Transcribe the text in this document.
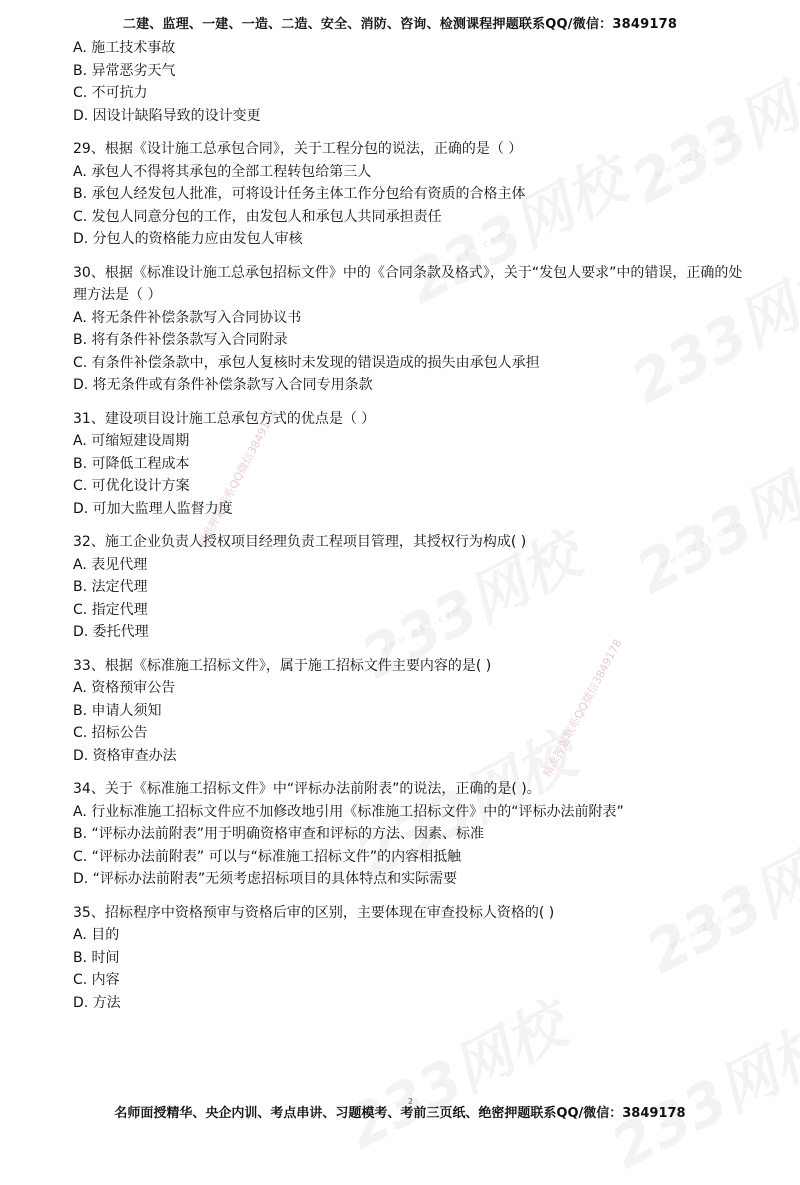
精准押题联系QQ微信3849178
精准押题联系QQ微信3849178
二建、监理、一建、一造、二造、安全、消防、咨询、检测课程押题联系QQ/微信：3849178
A. 施工技术事故
B. 异常恶劣天气
C. 不可抗力
D. 因设计缺陷导致的设计变更
29、根据《设计施工总承包合同》，关于工程分包的说法，正确的是（ ）
A. 承包人不得将其承包的全部工程转包给第三人
B. 承包人经发包人批准，可将设计任务主体工作分包给有资质的合格主体
C. 发包人同意分包的工作，由发包人和承包人共同承担责任
D. 分包人的资格能力应由发包人审核
30、根据《标准设计施工总承包招标文件》中的《合同条款及格式》，关于“发包人要求”中的错误，正确的处理方法是（ ）
A. 将无条件补偿条款写入合同协议书
B. 将有条件补偿条款写入合同附录
C. 有条件补偿条款中，承包人复核时未发现的错误造成的损失由承包人承担
D. 将无条件或有条件补偿条款写入合同专用条款
31、建设项目设计施工总承包方式的优点是（ ）
A. 可缩短建设周期
B. 可降低工程成本
C. 可优化设计方案
D. 可加大监理人监督力度
32、施工企业负责人授权项目经理负责工程项目管理，其授权行为构成( )
A. 表见代理
B. 法定代理
C. 指定代理
D. 委托代理
33、根据《标准施工招标文件》，属于施工招标文件主要内容的是( )
A. 资格预审公告
B. 申请人须知
C. 招标公告
D. 资格审查办法
34、关于《标准施工招标文件》中“评标办法前附表”的说法，正确的是( )。
A. 行业标准施工招标文件应不加修改地引用《标准施工招标文件》中的“评标办法前附表”
B. “评标办法前附表”用于明确资格审查和评标的方法、因素、标准
C. “评标办法前附表” 可以与“标准施工招标文件”的内容相抵触
D. “评标办法前附表”无须考虑招标项目的具体特点和实际需要
35、招标程序中资格预审与资格后审的区别，主要体现在审查投标人资格的( )
A. 目的
B. 时间
C. 内容
D. 方法
名师面授精华、央企内训、考点串讲、习题模考、考前三页纸、绝密押题联系QQ/微信：3849178
2
